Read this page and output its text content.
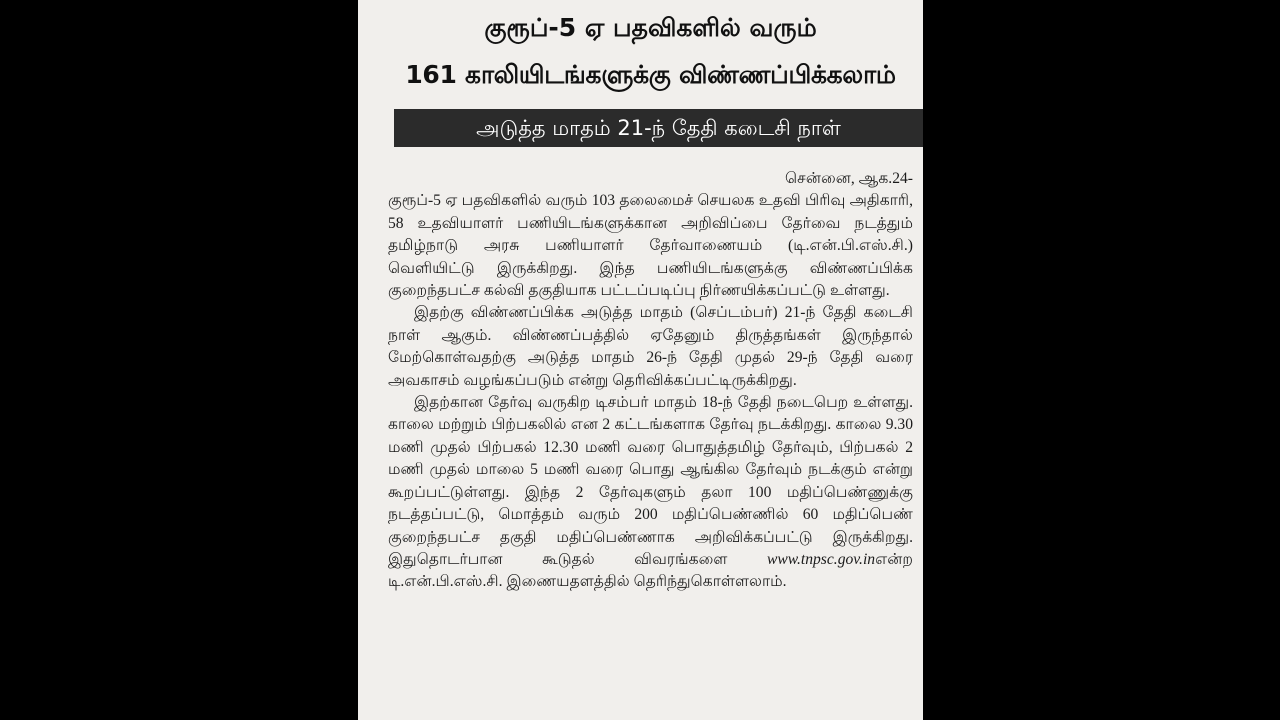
குரூப்-5 ஏ பதவிகளில் வரும்
161 காலியிடங்களுக்கு விண்ணப்பிக்கலாம்
அடுத்த மாதம் 21-ந் தேதி கடைசி நாள்
சென்னை, ஆக.24-

குரூப்-5 ஏ பதவிகளில் வரும் 103 தலைமைச் செயலக உதவி பிரிவு அதிகாரி, 58 உதவியாளர் பணியிடங்களுக்கான அறிவிப்பை தேர்வை நடத்தும் தமிழ்நாடு அரசு பணியாளர் தேர்வாணையம் (டி.என்.பி.எஸ்.சி.) வெளியிட்டு இருக்கிறது. இந்த பணியிடங்களுக்கு விண்ணப்பிக்க குறைந்தபட்ச கல்வி தகுதியாக பட்டப்படிப்பு நிர்ணயிக்கப்பட்டு உள்ளது.

இதற்கு விண்ணப்பிக்க அடுத்த மாதம் (செப்டம்பர்) 21-ந் தேதி கடைசி நாள் ஆகும். விண்ணப்பத்தில் ஏதேனும் திருத்தங்கள் இருந்தால் மேற்கொள்வதற்கு அடுத்த மாதம் 26-ந் தேதி முதல் 29-ந் தேதி வரை அவகாசம் வழங்கப்படும் என்று தெரிவிக்கப்பட்டிருக்கிறது.

இதற்கான தேர்வு வருகிற டிசம்பர் மாதம் 18-ந் தேதி நடைபெற உள்ளது. காலை மற்றும் பிற்பகலில் என 2 கட்டங்களாக தேர்வு நடக்கிறது. காலை 9.30 மணி முதல் பிற்பகல் 12.30 மணி வரை பொதுத்தமிழ் தேர்வும், பிற்பகல் 2 மணி முதல் மாலை 5 மணி வரை பொது ஆங்கில தேர்வும் நடக்கும் என்று கூறப்பட்டுள்ளது. இந்த 2 தேர்வுகளும் தலா 100 மதிப்பெண்ணுக்கு நடத்தப்பட்டு, மொத்தம் வரும் 200 மதிப்பெண்ணில் 60 மதிப்பெண் குறைந்தபட்ச தகுதி மதிப்பெண்ணாக அறிவிக்கப்பட்டு இருக்கிறது. இதுதொடர்பான கூடுதல் விவரங்களை	www.tnpsc.gov.inஎன்ற டி.என்.பி.எஸ்.சி. இணையதளத்தில் தெரிந்துகொள்ளலாம்.
